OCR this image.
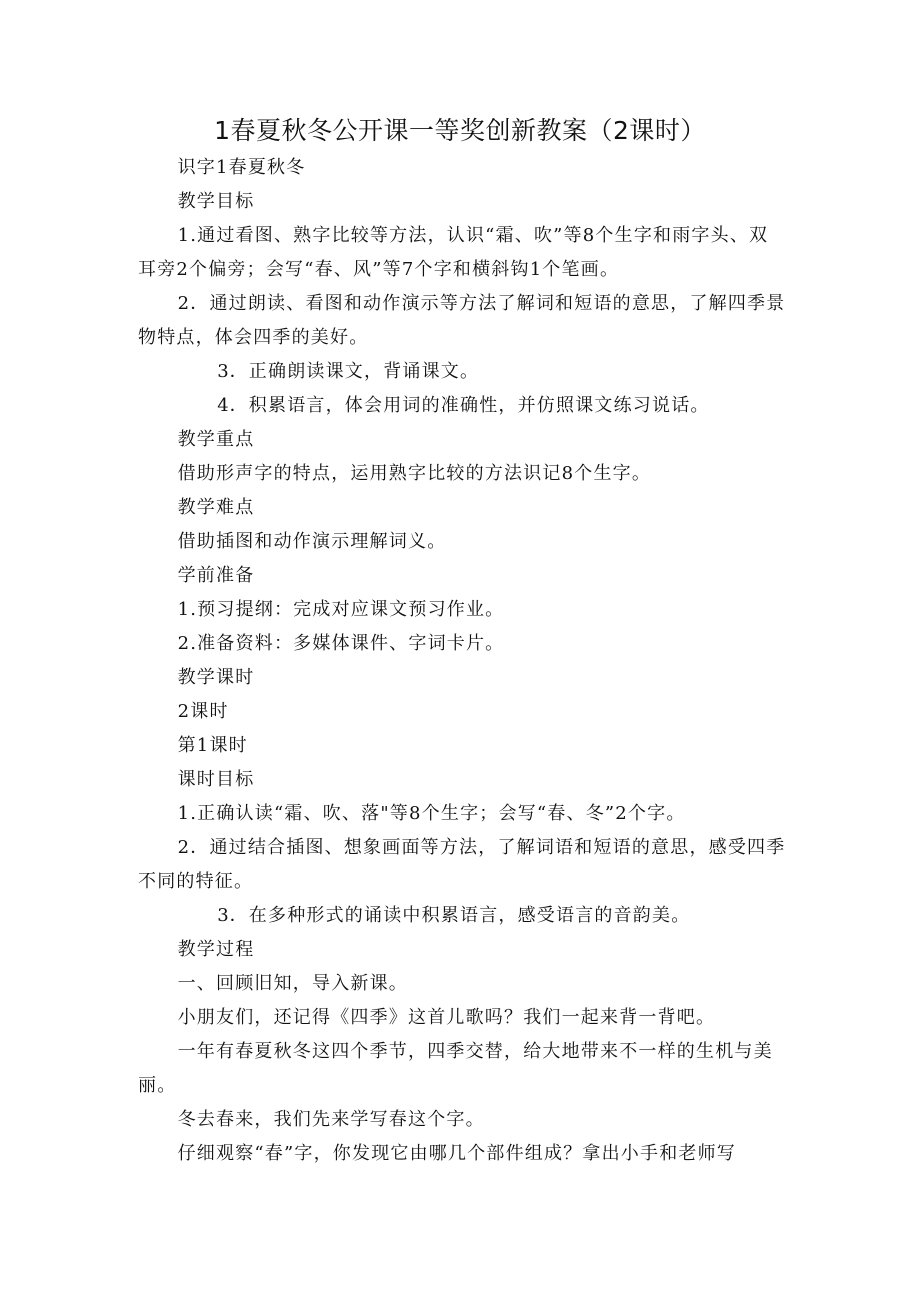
1春夏秋冬公开课一等奖创新教案（2课时）

识字1春夏秋冬

教学目标

1.通过看图、熟字比较等方法，认识“霜、吹”等8个生字和雨字头、双耳旁2个偏旁；会写“春、风”等7个字和横斜钩1个笔画。

2．通过朗读、看图和动作演示等方法了解词和短语的意思，了解四季景物特点，体会四季的美好。

3．正确朗读课文，背诵课文。

4．积累语言，体会用词的准确性，并仿照课文练习说话。

教学重点

借助形声字的特点，运用熟字比较的方法识记8个生字。

教学难点

借助插图和动作演示理解词义。

学前准备

1.预习提纲：完成对应课文预习作业。

2.准备资料：多媒体课件、字词卡片。

教学课时

2课时

第1课时

课时目标

1.正确认读“霜、吹、落"等8个生字；会写“春、冬”2个字。

2．通过结合插图、想象画面等方法，了解词语和短语的意思，感受四季不同的特征。

3．在多种形式的诵读中积累语言，感受语言的音韵美。

教学过程

一、回顾旧知，导入新课。

小朋友们，还记得《四季》这首儿歌吗？我们一起来背一背吧。

一年有春夏秋冬这四个季节，四季交替，给大地带来不一样的生机与美丽。

冬去春来，我们先来学写春这个字。

仔细观察“春”字，你发现它由哪几个部件组成？拿出小手和老师写
